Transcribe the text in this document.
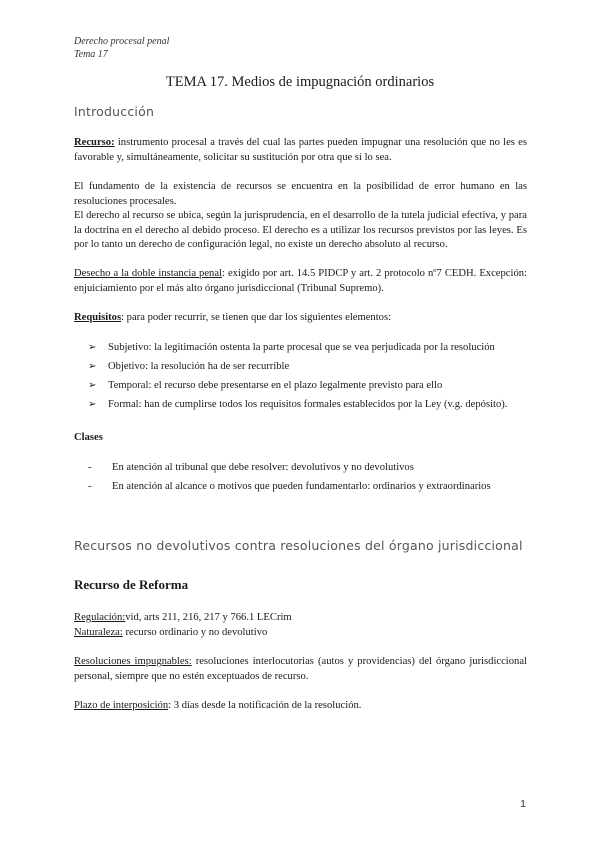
Derecho procesal penal
Tema 17
TEMA 17. Medios de impugnación ordinarios
Introducción
Recurso: instrumento procesal a través del cual las partes pueden impugnar una resolución que no les es favorable y, simultáneamente, solicitar su sustitución por otra que sí lo sea.
El fundamento de la existencia de recursos se encuentra en la posibilidad de error humano en las resoluciones procesales.
El derecho al recurso se ubica, según la jurisprudencia, en el desarrollo de la tutela judicial efectiva, y para la doctrina en el derecho al debido proceso. El derecho es a utilizar los recursos previstos por las leyes. Es por lo tanto un derecho de configuración legal, no existe un derecho absoluto al recurso.
Desecho a la doble instancia penal: exigido por art. 14.5 PIDCP y art. 2 protocolo nº7 CEDH. Excepción: enjuiciamiento por el más alto órgano jurisdiccional (Tribunal Supremo).
Requisitos: para poder recurrir, se tienen que dar los siguientes elementos:
➢	Subjetivo: la legitimación ostenta la parte procesal que se vea perjudicada por la resolución
➢	Objetivo: la resolución ha de ser recurrible
➢	Temporal: el recurso debe presentarse en el plazo legalmente previsto para ello
➢	Formal: han de cumplirse todos los requisitos formales establecidos por la Ley (v.g. depósito).
Clases
-	En atención al tribunal que debe resolver: devolutivos y no devolutivos
-	En atención al alcance o motivos que pueden fundamentarlo: ordinarios y extraordinarios
Recursos no devolutivos contra resoluciones del órgano jurisdiccional
Recurso de Reforma
Regulación:vid, arts 211, 216, 217 y 766.1 LECrim
Naturaleza: recurso ordinario y no devolutivo
Resoluciones impugnables: resoluciones interlocutorias (autos y providencias) del órgano jurisdiccional personal, siempre que no estén exceptuados de recurso.
Plazo de interposición: 3 días desde la notificación de la resolución.
1
